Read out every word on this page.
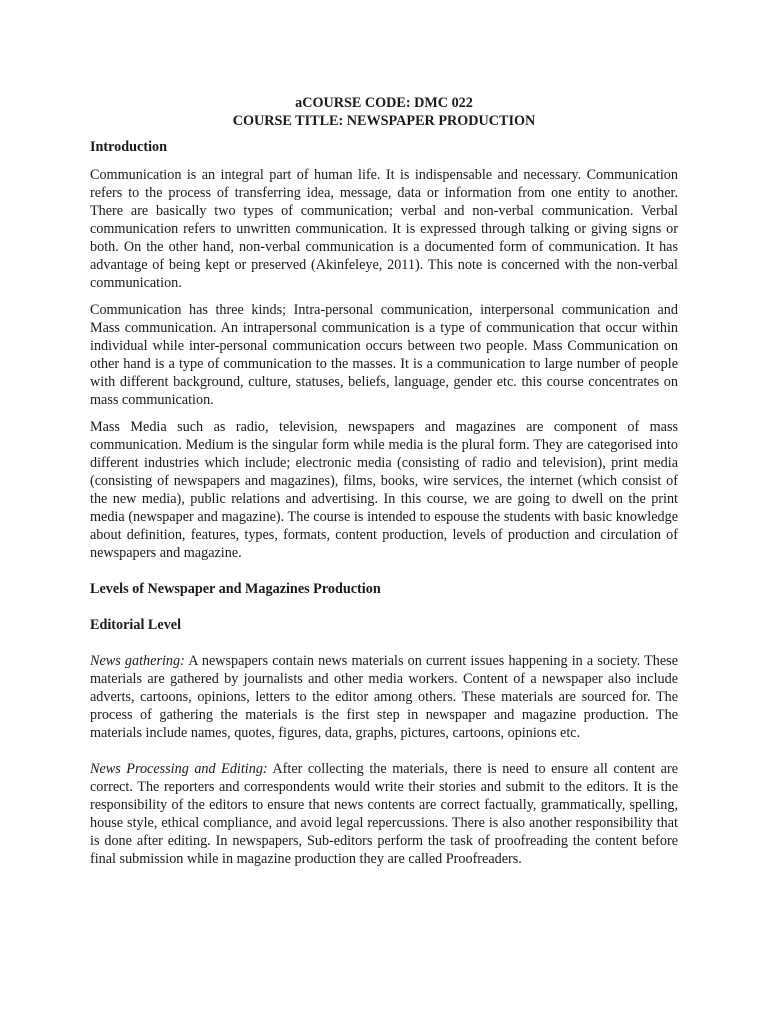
aCOURSE CODE: DMC 022
COURSE TITLE: NEWSPAPER PRODUCTION
Introduction

Communication is an integral part of human life. It is indispensable and necessary. Communication refers to the process of transferring idea, message, data or information from one entity to another. There are basically two types of communication; verbal and non-verbal communication. Verbal communication refers to unwritten communication. It is expressed through talking or giving signs or both. On the other hand, non-verbal communication is a documented form of communication. It has advantage of being kept or preserved (Akinfeleye, 2011). This note is concerned with the non-verbal communication.

Communication has three kinds; Intra-personal communication, interpersonal communication and Mass communication. An intrapersonal communication is a type of communication that occur within individual while inter-personal communication occurs between two people. Mass Communication on other hand is a type of communication to the masses. It is a communication to large number of people with different background, culture, statuses, beliefs, language, gender etc. this course concentrates on mass communication.

Mass Media such as radio, television, newspapers and magazines are component of mass communication. Medium is the singular form while media is the plural form. They are categorised into different industries which include; electronic media (consisting of radio and television), print media (consisting of newspapers and magazines), films, books, wire services, the internet (which consist of the new media), public relations and advertising. In this course, we are going to dwell on the print media (newspaper and magazine). The course is intended to espouse the students with basic knowledge about definition, features, types, formats, content production, levels of production and circulation of newspapers and magazine.

Levels of Newspaper and Magazines Production
Editorial Level

News gathering: A newspapers contain news materials on current issues happening in a society. These materials are gathered by journalists and other media workers. Content of a newspaper also include adverts, cartoons, opinions, letters to the editor among others. These materials are sourced for. The process of gathering the materials is the first step in newspaper and magazine production. The materials include names, quotes, figures, data, graphs, pictures, cartoons, opinions etc.

News Processing and Editing: After collecting the materials, there is need to ensure all content are correct. The reporters and correspondents would write their stories and submit to the editors. It is the responsibility of the editors to ensure that news contents are correct factually, grammatically, spelling, house style, ethical compliance, and avoid legal repercussions. There is also another responsibility that is done after editing. In newspapers, Sub-editors perform the task of proofreading the content before final submission while in magazine production they are called Proofreaders.
